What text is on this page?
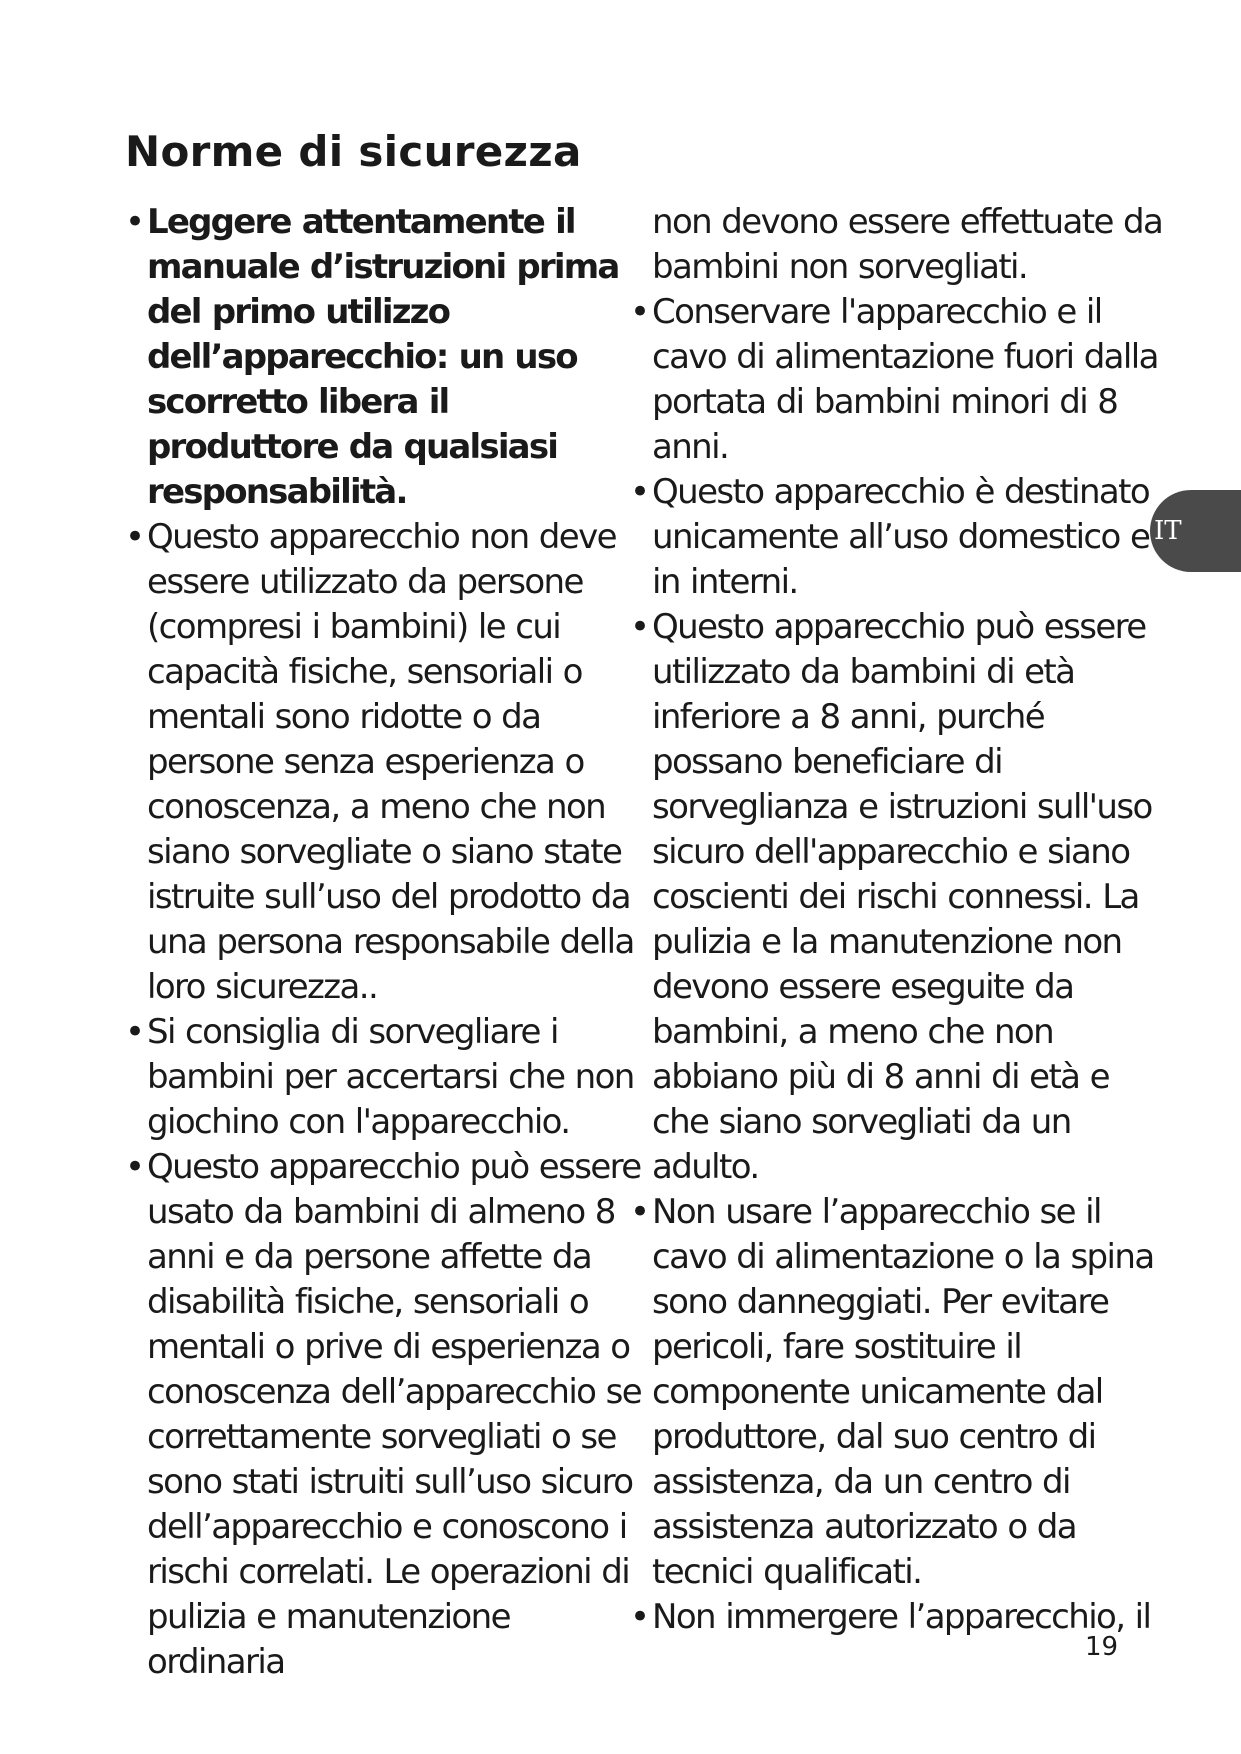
Norme di sicurezza
• Leggere attentamente il manuale d’istruzioni prima del primo utilizzo dell’apparecchio: un uso scorretto libera il produttore da qualsiasi responsabilità.
• Questo apparecchio non deve essere utilizzato da persone (compresi i bambini) le cui capacità fisiche, sensoriali o mentali sono ridotte o da persone senza esperienza o conoscenza, a meno che non siano sorvegliate o siano state istruite sull’uso del prodotto da una persona responsabile della loro sicurezza..
• Si consiglia di sorvegliare i bambini per accertarsi che non giochino con l'apparecchio.
• Questo apparecchio può essere usato da bambini di almeno 8 anni e da persone affette da disabilità fisiche, sensoriali o mentali o prive di esperienza o conoscenza dell’apparecchio se correttamente sorvegliati o se sono stati istruiti sull’uso sicuro dell’apparecchio e conoscono i rischi correlati. Le operazioni di pulizia e manutenzione ordinaria
non devono essere effettuate da bambini non sorvegliati.
• Conservare l'apparecchio e il cavo di alimentazione fuori dalla portata di bambini minori di 8 anni.
• Questo apparecchio è destinato unicamente all’uso domestico e in interni.
• Questo apparecchio può essere utilizzato da bambini di età inferiore a 8 anni, purché possano beneficiare di sorveglianza e istruzioni sull'uso sicuro dell'apparecchio e siano coscienti dei rischi connessi. La pulizia e la manutenzione non devono essere eseguite da bambini, a meno che non abbiano più di 8 anni di età e che siano sorvegliati da un adulto.
• Non usare l’apparecchio se il cavo di alimentazione o la spina sono danneggiati. Per evitare pericoli, fare sostituire il componente unicamente dal produttore, dal suo centro di assistenza, da un centro di assistenza autorizzato o da tecnici qualificati.
• Non immergere l’apparecchio, il
IT
19
